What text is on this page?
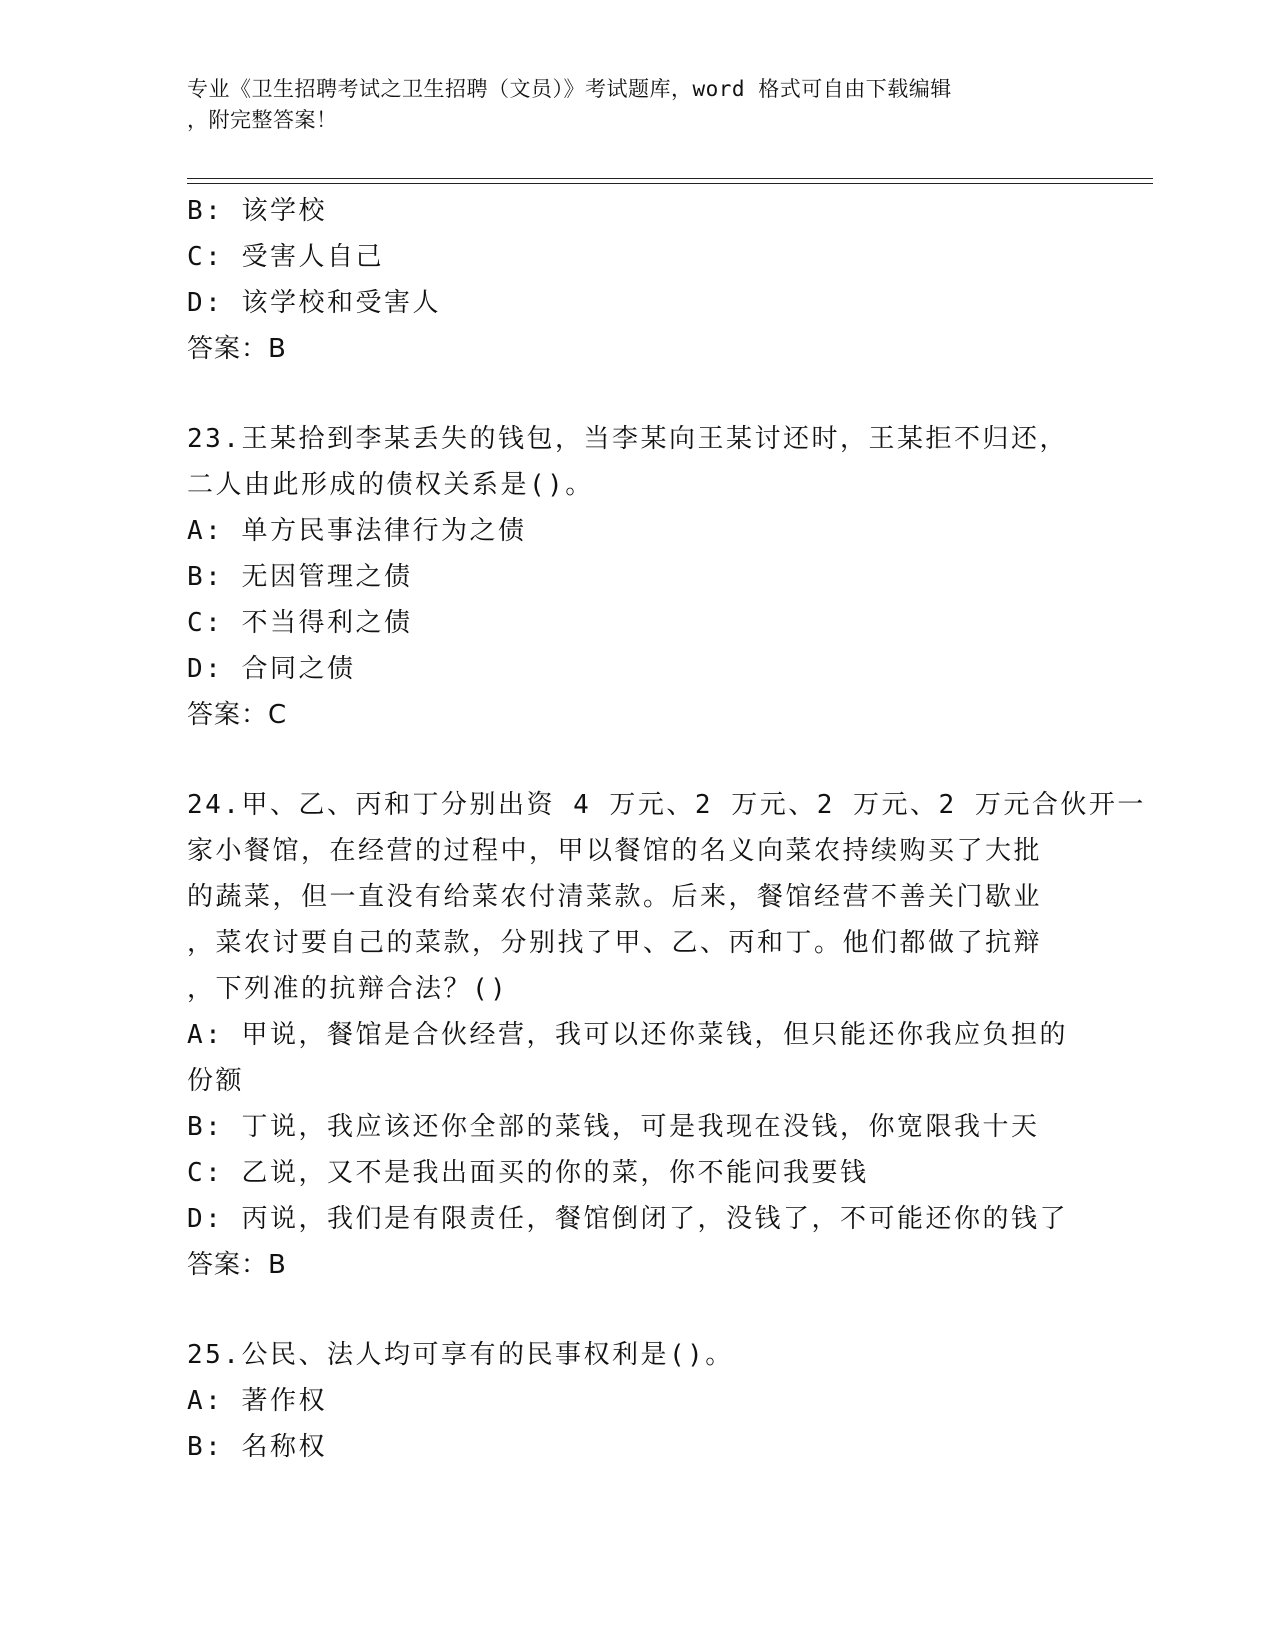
专业《卫生招聘考试之卫生招聘（文员）》考试题库，word 格式可自由下载编辑
，附完整答案！
B: 该学校
C: 受害人自己
D: 该学校和受害人
答案：B
23.王某拾到李某丢失的钱包，当李某向王某讨还时，王某拒不归还，
二人由此形成的债权关系是()。
A: 单方民事法律行为之债
B: 无因管理之债
C: 不当得利之债
D: 合同之债
答案：C
24.甲、乙、丙和丁分别出资 4 万元、2 万元、2 万元、2 万元合伙开一
家小餐馆，在经营的过程中，甲以餐馆的名义向菜农持续购买了大批
的蔬菜，但一直没有给菜农付清菜款。后来，餐馆经营不善关门歇业
，菜农讨要自己的菜款，分别找了甲、乙、丙和丁。他们都做了抗辩
，下列准的抗辩合法？()
A: 甲说，餐馆是合伙经营，我可以还你菜钱，但只能还你我应负担的
份额
B: 丁说，我应该还你全部的菜钱，可是我现在没钱，你宽限我十天
C: 乙说，又不是我出面买的你的菜，你不能问我要钱
D: 丙说，我们是有限责任，餐馆倒闭了，没钱了，不可能还你的钱了
答案：B
25.公民、法人均可享有的民事权利是()。
A: 著作权
B: 名称权
